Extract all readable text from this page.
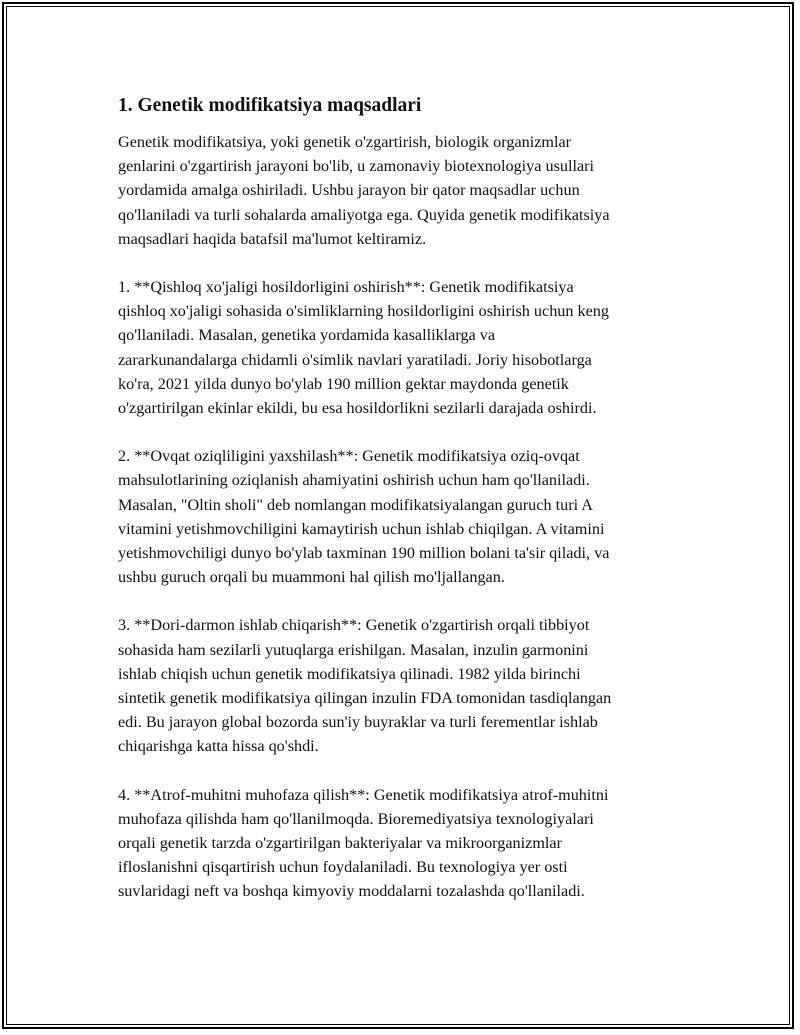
1. Genetik modifikatsiya maqsadlari

Genetik modifikatsiya, yoki genetik o'zgartirish, biologik organizmlar
genlarini o'zgartirish jarayoni bo'lib, u zamonaviy biotexnologiya usullari
yordamida amalga oshiriladi. Ushbu jarayon bir qator maqsadlar uchun
qo'llaniladi va turli sohalarda amaliyotga ega. Quyida genetik modifikatsiya
maqsadlari haqida batafsil ma'lumot keltiramiz.

1. **Qishloq xo'jaligi hosildorligini oshirish**: Genetik modifikatsiya
qishloq xo'jaligi sohasida o'simliklarning hosildorligini oshirish uchun keng
qo'llaniladi. Masalan, genetika yordamida kasalliklarga va
zararkunandalarga chidamli o'simlik navlari yaratiladi. Joriy hisobotlarga
ko'ra, 2021 yilda dunyo bo'ylab 190 million gektar maydonda genetik
o'zgartirilgan ekinlar ekildi, bu esa hosildorlikni sezilarli darajada oshirdi.

2. **Ovqat oziqliligini yaxshilash**: Genetik modifikatsiya oziq-ovqat
mahsulotlarining oziqlanish ahamiyatini oshirish uchun ham qo'llaniladi.
Masalan, "Oltin sholi" deb nomlangan modifikatsiyalangan guruch turi A
vitamini yetishmovchiligini kamaytirish uchun ishlab chiqilgan. A vitamini
yetishmovchiligi dunyo bo'ylab taxminan 190 million bolani ta'sir qiladi, va
ushbu guruch orqali bu muammoni hal qilish mo'ljallangan.

3. **Dori-darmon ishlab chiqarish**: Genetik o'zgartirish orqali tibbiyot
sohasida ham sezilarli yutuqlarga erishilgan. Masalan, inzulin garmonini
ishlab chiqish uchun genetik modifikatsiya qilinadi. 1982 yilda birinchi
sintetik genetik modifikatsiya qilingan inzulin FDA tomonidan tasdiqlangan
edi. Bu jarayon global bozorda sun'iy buyraklar va turli ferementlar ishlab
chiqarishga katta hissa qo'shdi.

4. **Atrof-muhitni muhofaza qilish**: Genetik modifikatsiya atrof-muhitni
muhofaza qilishda ham qo'llanilmoqda. Bioremediyatsiya texnologiyalari
orqali genetik tarzda o'zgartirilgan bakteriyalar va mikroorganizmlar
ifloslanishni qisqartirish uchun foydalaniladi. Bu texnologiya yer osti
suvlaridagi neft va boshqa kimyoviy moddalarni tozalashda qo'llaniladi.
